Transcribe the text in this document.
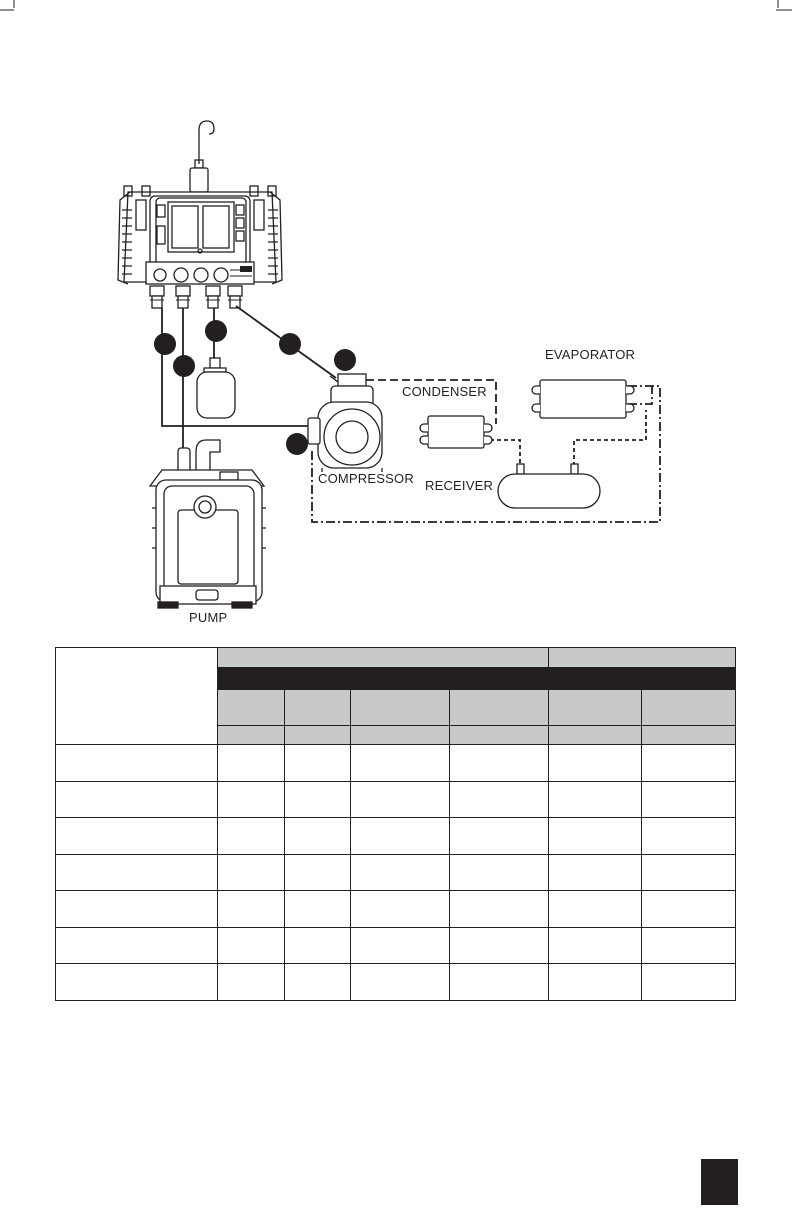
EVAPORATOR
CONDENSER
COMPRESSOR RECEIVER
PUMP
